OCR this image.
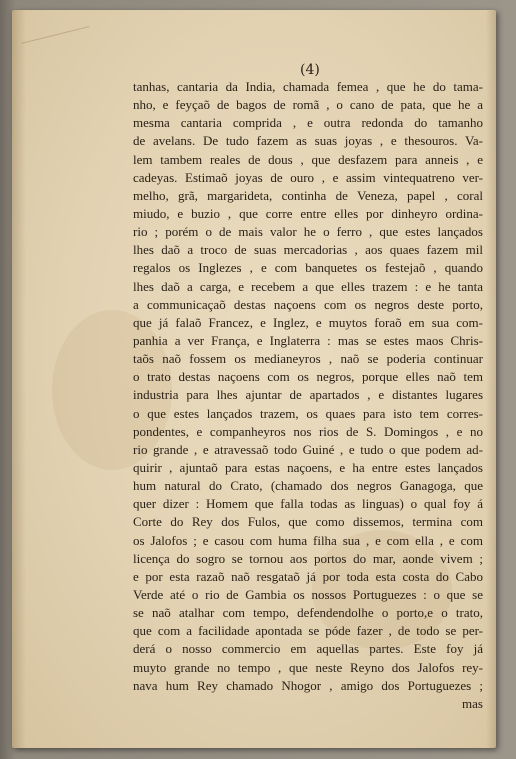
(4)
tanhas, cantaria da India, chamada femea , que he do tama-
nho, e feyçaõ de bagos de romã , o cano de pata, que he a
mesma cantaria comprida , e outra redonda do tamanho
de avelans. De tudo fazem as suas joyas , e thesouros. Va-
lem tambem reales de dous , que desfazem para anneis , e
cadeyas. Estimaõ joyas de ouro , e assim vintequatreno ver-
melho, grã, margarideta, continha de Veneza, papel , coral
miudo, e buzio , que corre entre elles por dinheyro ordina-
rio ; porém o de mais valor he o ferro , que estes lançados
lhes daõ a troco de suas mercadorias , aos quaes fazem mil
regalos os Inglezes , e com banquetes os festejaõ , quando
lhes daõ a carga, e recebem a que elles trazem : e he tanta
a communicaçaõ destas naçoens com os negros deste porto,
que já falaõ Francez, e Inglez, e muytos foraõ em sua com-
panhia a ver França, e Inglaterra : mas se estes maos Chris-
taõs naõ fossem os medianeyros , naõ se poderia continuar
o trato destas naçoens com os negros, porque elles naõ tem
industria para lhes ajuntar de apartados , e distantes lugares
o que estes lançados trazem, os quaes para isto tem corres-
pondentes, e companheyros nos rios de S. Domingos , e no
rio grande , e atravessaõ todo Guiné , e tudo o que podem ad-
quirir , ajuntaõ para estas naçoens, e ha entre estes lançados
hum natural do Crato, (chamado dos negros Ganagoga, que
quer dizer : Homem que falla todas as linguas) o qual foy á
Corte do Rey dos Fulos, que como dissemos, termina com
os Jalofos ; e casou com huma filha sua , e com ella , e com
licença do sogro se tornou aos portos do mar, aonde vivem ;
e por esta razaõ naõ resgataõ já por toda esta costa do Cabo
Verde até o rio de Gambia os nossos Portuguezes : o que se
se naõ atalhar com tempo, defendendolhe o porto,e o trato,
que com a facilidade apontada se póde fazer , de todo se per-
derá o nosso commercio em aquellas partes. Este foy já
muyto grande no tempo , que neste Reyno dos Jalofos rey-
nava hum Rey chamado Nhogor , amigo dos Portuguezes ;
mas
